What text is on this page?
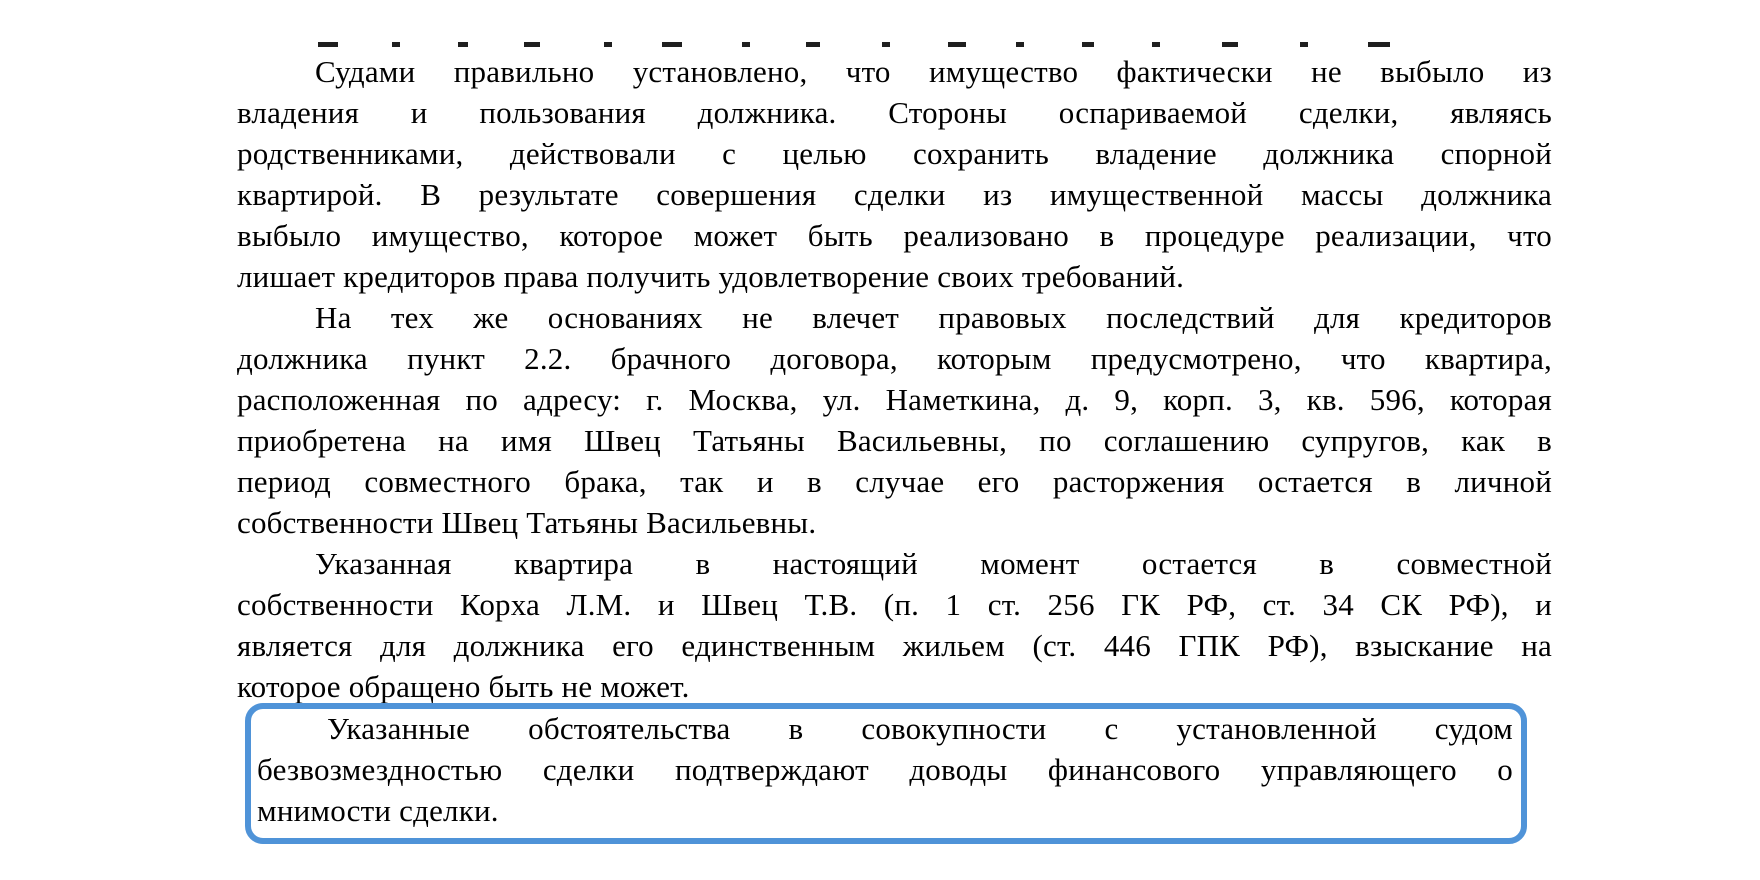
Судами правильно установлено, что имущество фактически не выбыло из
владения и пользования должника. Стороны оспариваемой сделки, являясь
родственниками, действовали с целью сохранить владение должника спорной
квартирой. В результате совершения сделки из имущественной массы должника
выбыло имущество, которое может быть реализовано в процедуре реализации, что
лишает кредиторов права получить удовлетворение своих требований.
На тех же основаниях не влечет правовых последствий для кредиторов
должника пункт 2.2. брачного договора, которым предусмотрено, что квартира,
расположенная по адресу: г. Москва, ул. Наметкина, д. 9, корп. 3, кв. 596, которая
приобретена на имя Швец Татьяны Васильевны, по соглашению супругов, как в
период совместного брака, так и в случае его расторжения остается в личной
собственности Швец Татьяны Васильевны.
Указанная квартира в настоящий момент остается в совместной
собственности Корха Л.М. и Швец Т.В. (п. 1 ст. 256 ГК РФ, ст. 34 СК РФ), и
является для должника его единственным жильем (ст. 446 ГПК РФ), взыскание на
которое обращено быть не может.
Указанные обстоятельства в совокупности с установленной судом
безвозмездностью сделки подтверждают доводы финансового управляющего о
мнимости сделки.
